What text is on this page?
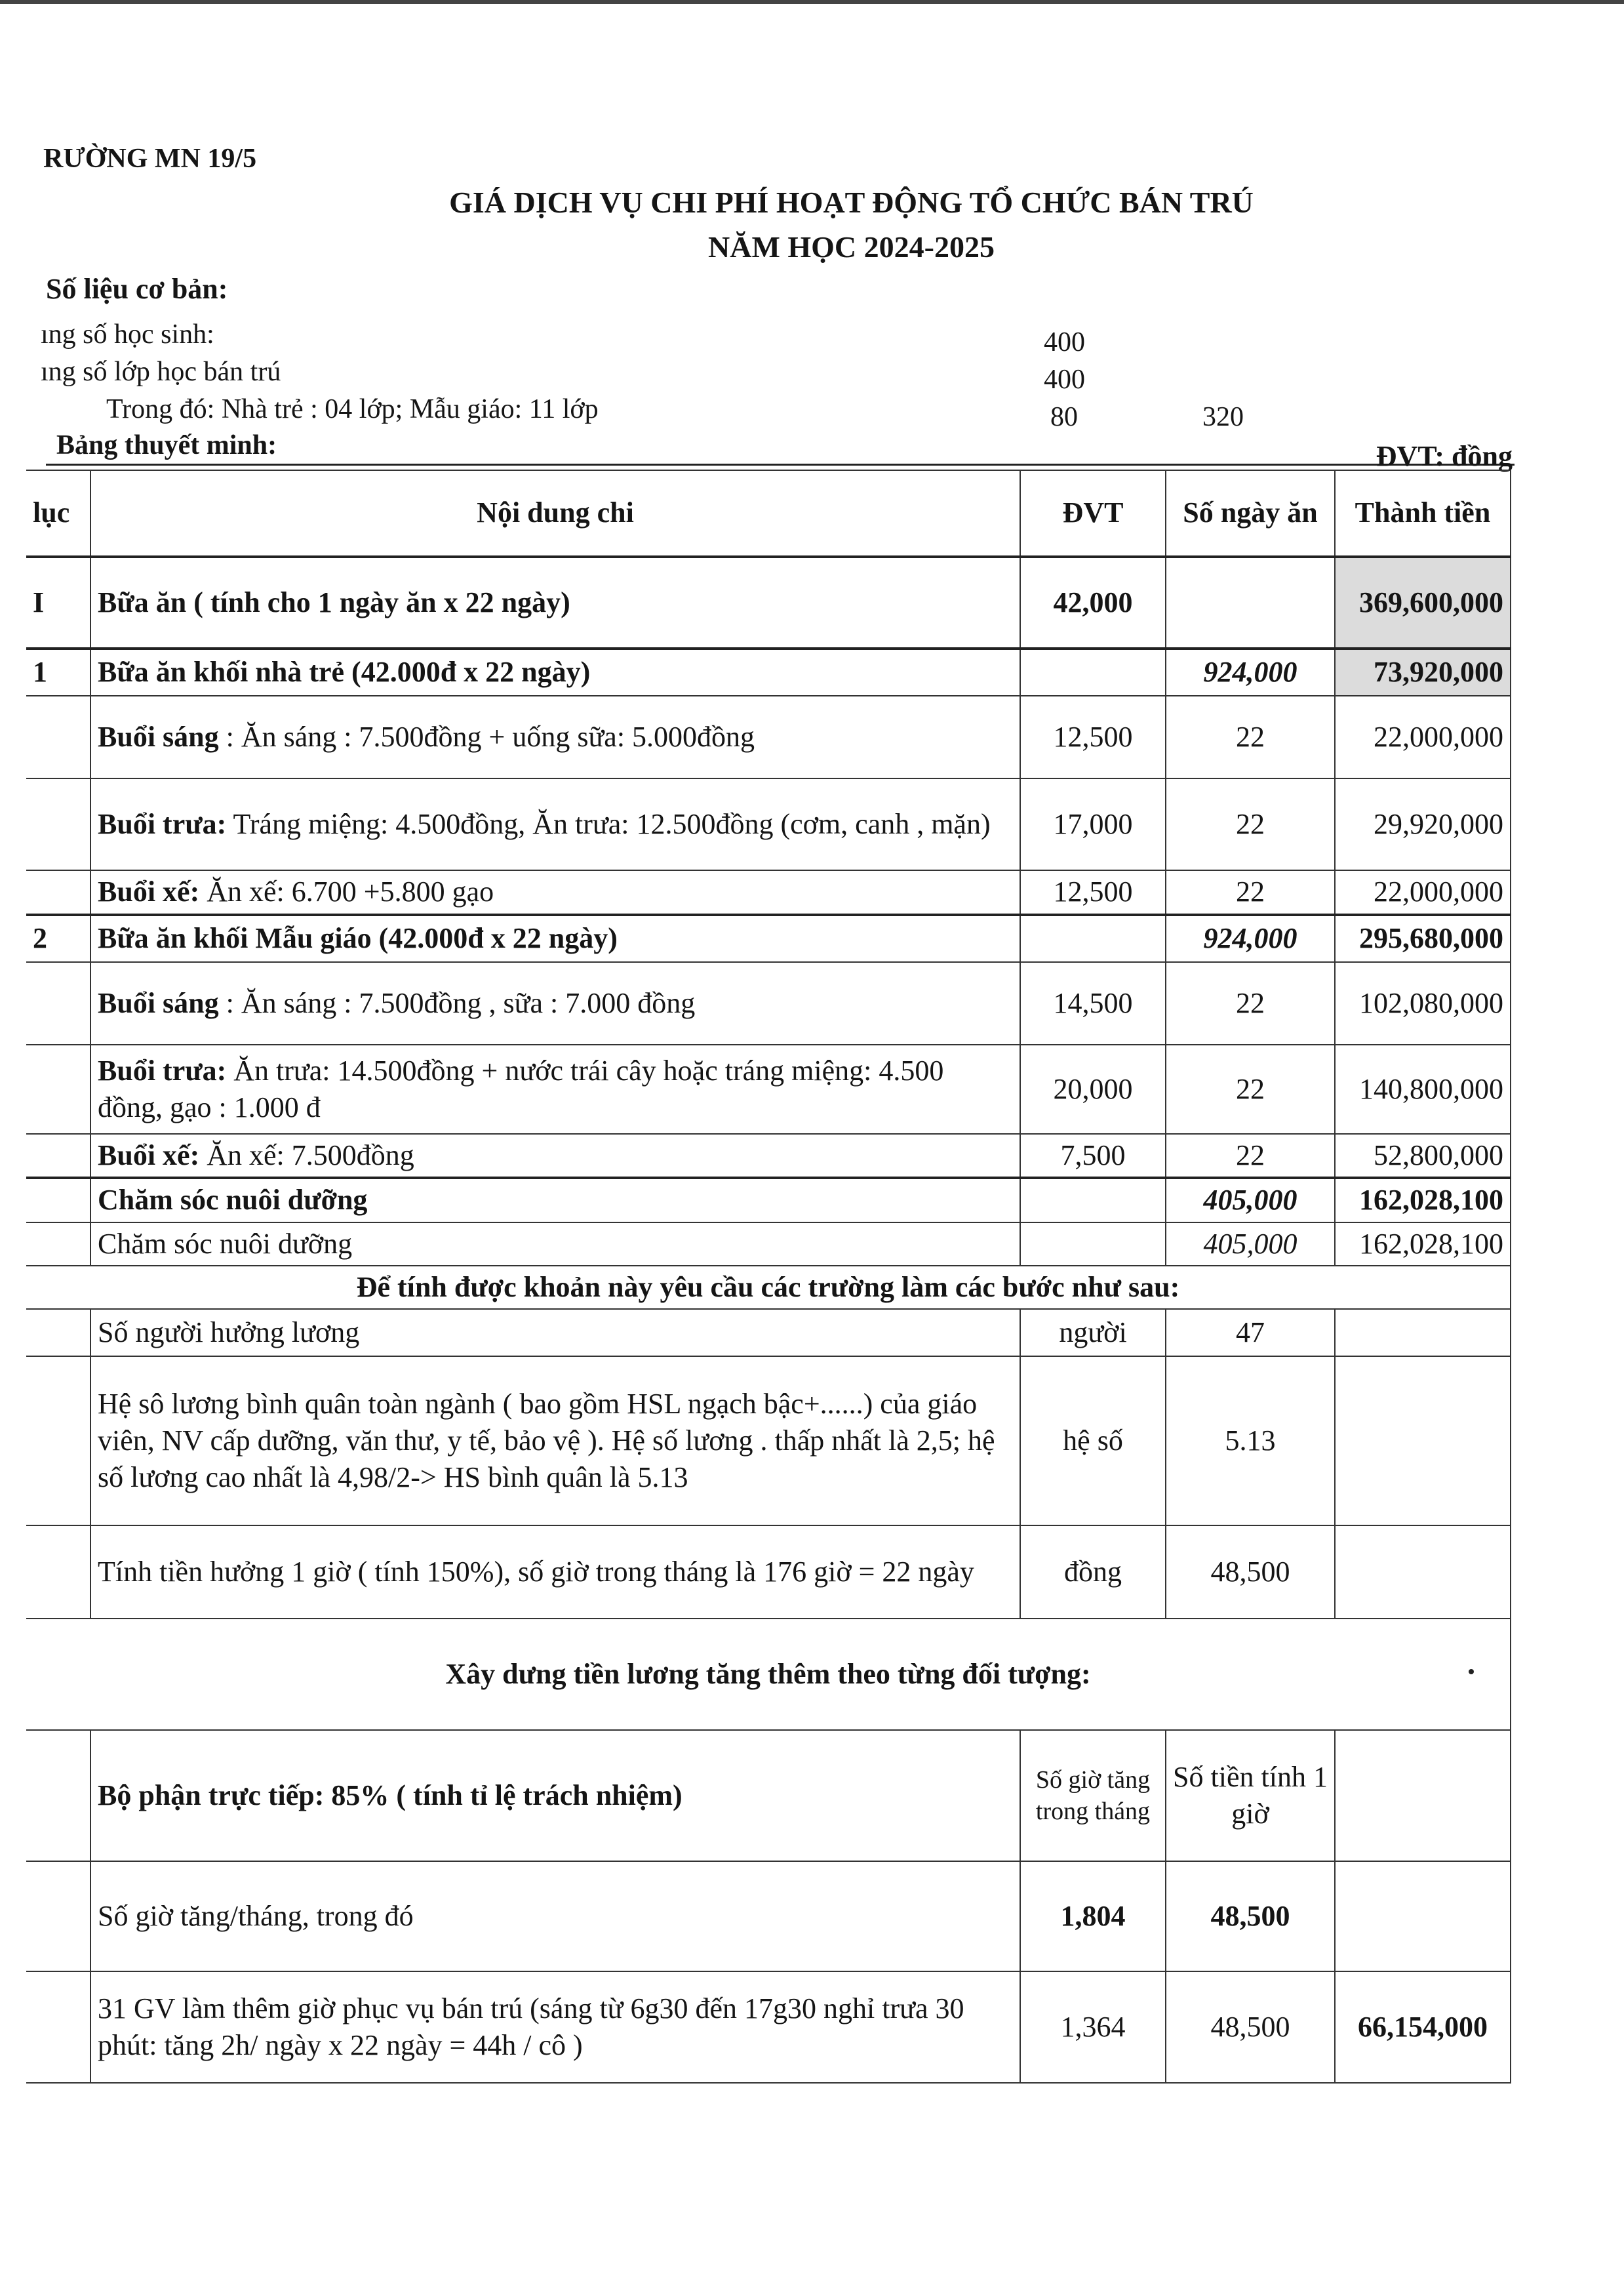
RƯỜNG MN 19/5
GIÁ DỊCH VỤ CHI PHÍ HOẠT ĐỘNG TỔ CHỨC BÁN TRÚ
NĂM HỌC 2024-2025
Số liệu cơ bản:
ıng số học sinh:	400
ıng số lớp học bán trú	400
Trong đó: Nhà trẻ : 04 lớp; Mẫu giáo: 11 lớp	80	320
Bảng thuyết minh:	ĐVT: đồng
lục	Nội dung chi	ĐVT	Số ngày ăn	Thành tiền
I	Bữa ăn ( tính cho 1 ngày ăn x 22 ngày)	42,000		369,600,000
1	Bữa ăn khối nhà trẻ (42.000đ x 22 ngày)		924,000	73,920,000
	Buổi sáng : Ăn sáng : 7.500đồng + uống sữa: 5.000đồng	12,500	22	22,000,000
	Buổi trưa: Tráng miệng: 4.500đồng, Ăn trưa: 12.500đồng (cơm, canh , mặn)	17,000	22	29,920,000
	Buổi xế: Ăn xế: 6.700 +5.800 gạo	12,500	22	22,000,000
2	Bữa ăn khối Mẫu giáo (42.000đ x 22 ngày)		924,000	295,680,000
	Buổi sáng : Ăn sáng : 7.500đồng , sữa : 7.000 đồng	14,500	22	102,080,000
	Buổi trưa: Ăn trưa: 14.500đồng + nước trái cây hoặc tráng miệng: 4.500 đồng, gạo : 1.000 đ	20,000	22	140,800,000
	Buổi xế: Ăn xế: 7.500đồng	7,500	22	52,800,000
	Chăm sóc nuôi dưỡng		405,000	162,028,100
	Chăm sóc nuôi dưỡng		405,000	162,028,100
Để tính được khoản này yêu cầu các trường làm các bước như sau:				
	Số người hưởng lương	người	47	
	Hệ sô lương bình quân toàn ngành ( bao gồm HSL ngạch bậc+......) của giáo viên, NV cấp dưỡng, văn thư, y tế, bảo vệ ). Hệ số lương . thấp nhất là 2,5; hệ số lương cao nhất là 4,98/2-> HS bình quân là 5.13	hệ số	5.13	
	Tính tiền hưởng 1 giờ ( tính 150%), số giờ trong tháng là 176 giờ = 22 ngày	đồng	48,500	
Xây dưng tiền lương tăng thêm theo từng đối tượng:				
	Bộ phận trực tiếp: 85% ( tính tỉ lệ trách nhiệm)	Số giờ tăng trong tháng	Số tiền tính 1 giờ	
	Số giờ tăng/tháng, trong đó	1,804	48,500	
	31 GV làm thêm giờ phục vụ bán trú (sáng từ 6g30 đến 17g30 nghỉ trưa 30 phút: tăng 2h/ ngày x 22 ngày = 44h / cô )	1,364	48,500	66,154,000
